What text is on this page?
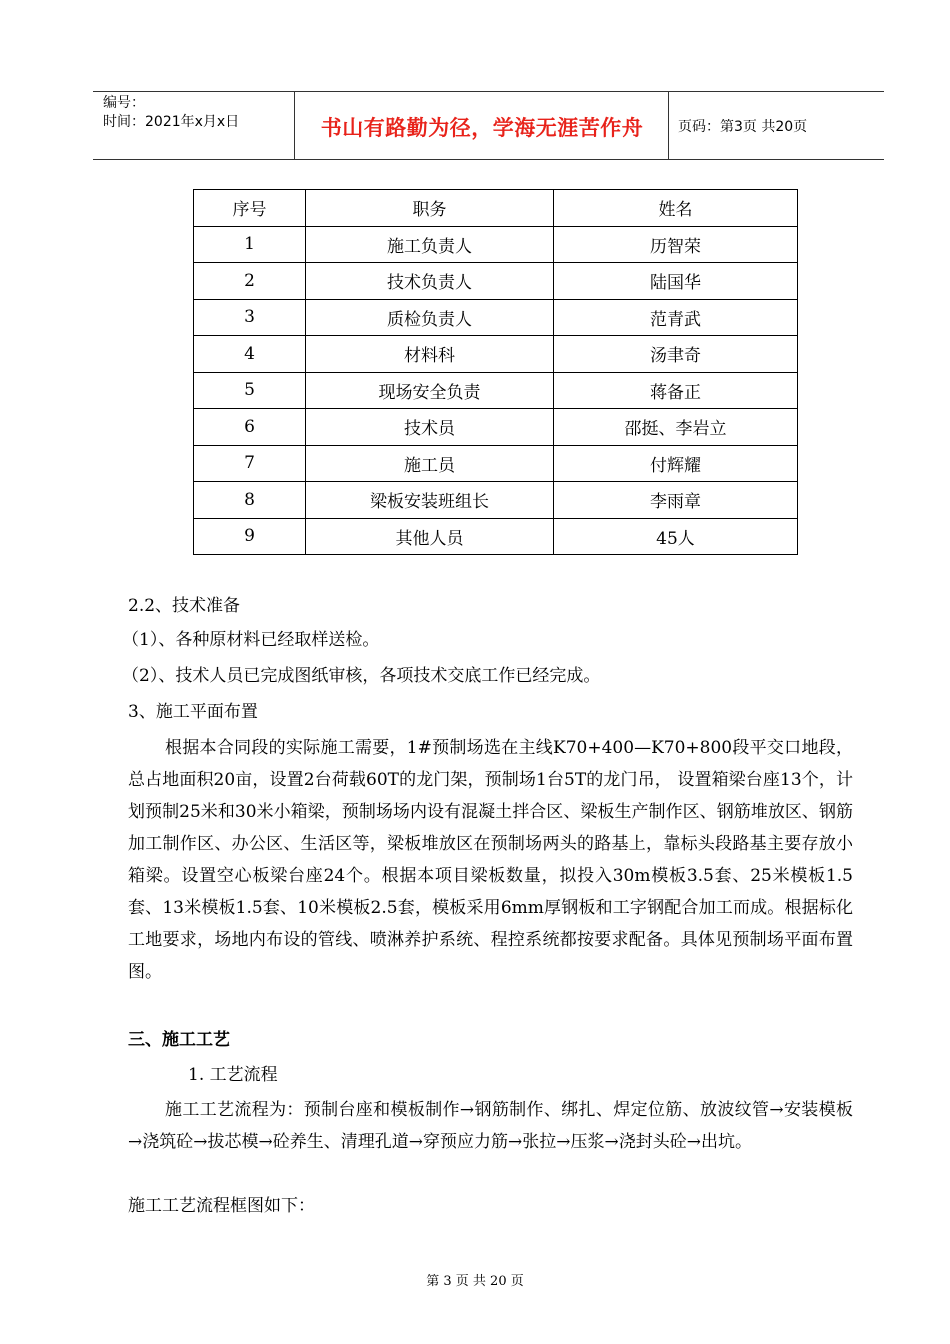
编号：
时间：2021年x月x日	书山有路勤为径，学海无涯苦作舟	页码：第3页 共20页
序号	职务	姓名
1	施工负责人	历智荣
2	技术负责人	陆国华
3	质检负责人	范青武
4	材料科	汤聿奇
5	现场安全负责	蒋备正
6	技术员	邵挺、李岩立
7	施工员	付辉耀
8	梁板安装班组长	李雨章
9	其他人员	45人

2.2、技术准备

（1）、各种原材料已经取样送检。

（2）、技术人员已完成图纸审核，各项技术交底工作已经完成。

3、施工平面布置

根据本合同段的实际施工需要，1#预制场选在主线K70+400—K70+800段平交口地段，总占地面积20亩，设置2台荷载60T的龙门架，预制场1台5T的龙门吊， 设置箱梁台座13个，计划预制25米和30米小箱梁，预制场场内设有混凝土拌合区、梁板生产制作区、钢筋堆放区、钢筋加工制作区、办公区、生活区等，梁板堆放区在预制场两头的路基上，靠标头段路基主要存放小箱梁。设置空心板梁台座24个。根据本项目梁板数量，拟投入30m模板3.5套、25米模板1.5套、13米模板1.5套、10米模板2.5套，模板采用6mm厚钢板和工字钢配合加工而成。根据标化工地要求，场地内布设的管线、喷淋养护系统、程控系统都按要求配备。具体见预制场平面布置图。

三、施工工艺

1. 工艺流程

施工工艺流程为：预制台座和模板制作→钢筋制作、绑扎、焊定位筋、放波纹管→安装模板→浇筑砼→拔芯模→砼养生、清理孔道→穿预应力筋→张拉→压浆→浇封头砼→出坑。

施工工艺流程框图如下：

第 3 页 共 20 页
